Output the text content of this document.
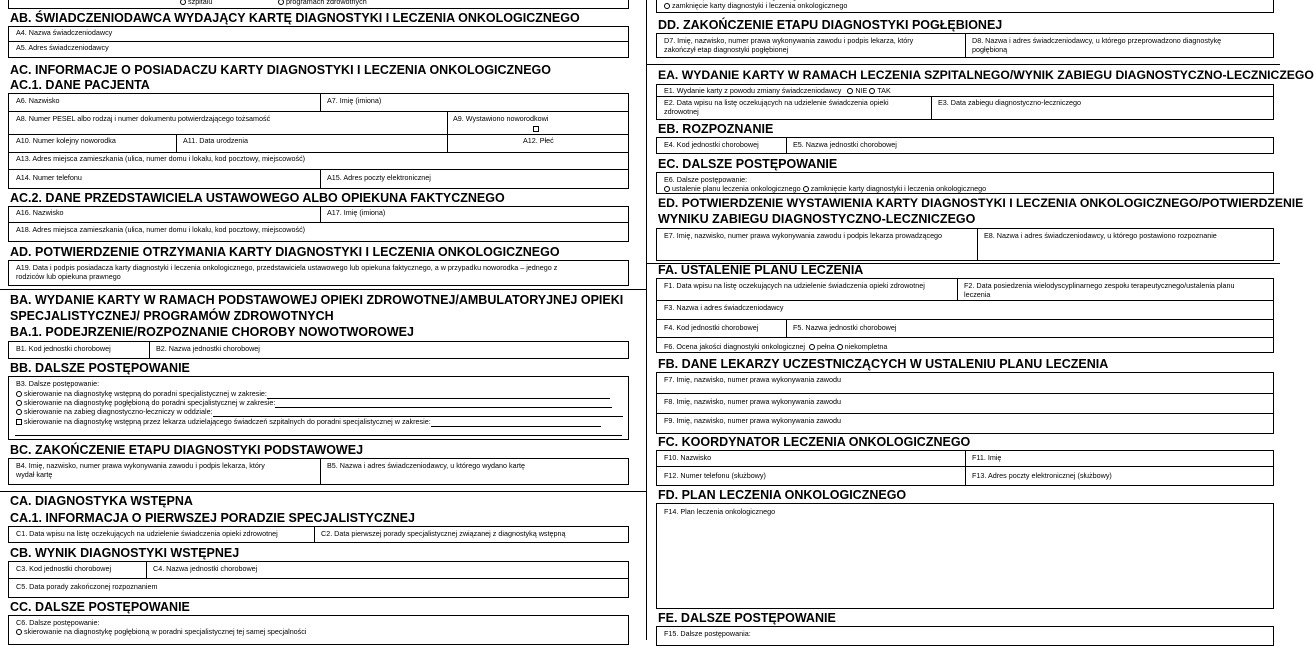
szpitalu	programach zdrowotnych
AB. ŚWIADCZENIODAWCA WYDAJĄCY KARTĘ DIAGNOSTYKI I LECZENIA ONKOLOGICZNEGO
A4. Nazwa świadczeniodawcy
A5. Adres świadczeniodawcy
AC. INFORMACJE O POSIADACZU KARTY DIAGNOSTYKI I LECZENIA ONKOLOGICZNEGO
AC.1. DANE PACJENTA
A6. Nazwisko	A7. Imię (imiona)
A8. Numer PESEL albo rodzaj i numer dokumentu potwierdzającego tożsamość	A9. Wystawiono noworodkowi
A10. Numer kolejny noworodka	A11. Data urodzenia	A12. Płeć
A13. Adres miejsca zamieszkania (ulica, numer domu i lokalu, kod pocztowy, miejscowość)
A14. Numer telefonu	A15. Adres poczty elektronicznej
AC.2. DANE PRZEDSTAWICIELA USTAWOWEGO ALBO OPIEKUNA FAKTYCZNEGO
A16. Nazwisko	A17. Imię (imiona)
A18. Adres miejsca zamieszkania (ulica, numer domu i lokalu, kod pocztowy, miejscowość)
AD. POTWIERDZENIE OTRZYMANIA KARTY DIAGNOSTYKI I LECZENIA ONKOLOGICZNEGO
A19. Data i podpis posiadacza karty diagnostyki i leczenia onkologicznego, przedstawiciela ustawowego lub opiekuna faktycznego, a w przypadku noworodka – jednego z
rodziców lub opiekuna prawnego
BA. WYDANIE KARTY W RAMACH PODSTAWOWEJ OPIEKI ZDROWOTNEJ/AMBULATORYJNEJ OPIEKI
SPECJALISTYCZNEJ/ PROGRAMÓW ZDROWOTNYCH
BA.1. PODEJRZENIE/ROZPOZNANIE CHOROBY NOWOTWOROWEJ
B1. Kod jednostki chorobowej	B2. Nazwa jednostki chorobowej
BB. DALSZE POSTĘPOWANIE
B3. Dalsze postępowanie:
skierowanie na diagnostykę wstępną do poradni specjalistycznej w zakresie:
skierowanie na diagnostykę pogłębioną do poradni specjalistycznej w zakresie:
skierowanie na zabieg diagnostyczno-leczniczy w oddziale:
skierowanie na diagnostykę wstępną przez lekarza udzielającego świadczeń szpitalnych do poradni specjalistycznej w zakresie:
BC. ZAKOŃCZENIE ETAPU DIAGNOSTYKI PODSTAWOWEJ
B4. Imię, nazwisko, numer prawa wykonywania zawodu i podpis lekarza, który
wydał kartę
B5. Nazwa i adres świadczeniodawcy, u którego wydano kartę
CA. DIAGNOSTYKA WSTĘPNA
CA.1. INFORMACJA O PIERWSZEJ PORADZIE SPECJALISTYCZNEJ
C1. Data wpisu na listę oczekujących na udzielenie świadczenia opieki zdrowotnej	C2. Data pierwszej porady specjalistycznej związanej z diagnostyką wstępną
CB. WYNIK DIAGNOSTYKI WSTĘPNEJ
C3. Kod jednostki chorobowej	C4. Nazwa jednostki chorobowej
C5. Data porady zakończonej rozpoznaniem
CC. DALSZE POSTĘPOWANIE
C6. Dalsze postępowanie:
skierowanie na diagnostykę pogłębioną w poradni specjalistycznej tej samej specjalności
zamknięcie karty diagnostyki i leczenia onkologicznego
DD. ZAKOŃCZENIE ETAPU DIAGNOSTYKI POGŁĘBIONEJ
D7. Imię, nazwisko, numer prawa wykonywania zawodu i podpis lekarza, który
zakończył etap diagnostyki pogłębionej
D8. Nazwa i adres świadczeniodawcy, u którego przeprowadzono diagnostykę
pogłębioną
EA. WYDANIE KARTY W RAMACH LECZENIA SZPITALNEGO/WYNIK ZABIEGU DIAGNOSTYCZNO-LECZNICZEGO
E1. Wydanie karty z powodu zmiany świadczeniodawcy NIE TAK
E2. Data wpisu na listę oczekujących na udzielenie świadczenia opieki
zdrowotnej
E3. Data zabiegu diagnostyczno-leczniczego
EB. ROZPOZNANIE
E4. Kod jednostki chorobowej	E5. Nazwa jednostki chorobowej
EC. DALSZE POSTĘPOWANIE
E6. Dalsze postępowanie:
ustalenie planu leczenia onkologicznego zamknięcie karty diagnostyki i leczenia onkologicznego
ED. POTWIERDZENIE WYSTAWIENIA KARTY DIAGNOSTYKI I LECZENIA ONKOLOGICZNEGO/POTWIERDZENIE
WYNIKU ZABIEGU DIAGNOSTYCZNO-LECZNICZEGO
E7. Imię, nazwisko, numer prawa wykonywania zawodu i podpis lekarza prowadzącego	E8. Nazwa i adres świadczeniodawcy, u którego postawiono rozpoznanie
FA. USTALENIE PLANU LECZENIA
F1. Data wpisu na listę oczekujących na udzielenie świadczenia opieki zdrowotnej	F2. Data posiedzenia wielodyscyplinarnego zespołu terapeutycznego/ustalenia planu
leczenia
F3. Nazwa i adres świadczeniodawcy
F4. Kod jednostki chorobowej	F5. Nazwa jednostki chorobowej
F6. Ocena jakości diagnostyki onkologicznej pełna niekompletna
FB. DANE LEKARZY UCZESTNICZĄCYCH W USTALENIU PLANU LECZENIA
F7. Imię, nazwisko, numer prawa wykonywania zawodu
F8. Imię, nazwisko, numer prawa wykonywania zawodu
F9. Imię, nazwisko, numer prawa wykonywania zawodu
FC. KOORDYNATOR LECZENIA ONKOLOGICZNEGO
F10. Nazwisko	F11. Imię
F12. Numer telefonu (służbowy)	F13. Adres poczty elektronicznej (służbowy)
FD. PLAN LECZENIA ONKOLOGICZNEGO
F14. Plan leczenia onkologicznego
FE. DALSZE POSTĘPOWANIE
F15. Dalsze postępowania:
